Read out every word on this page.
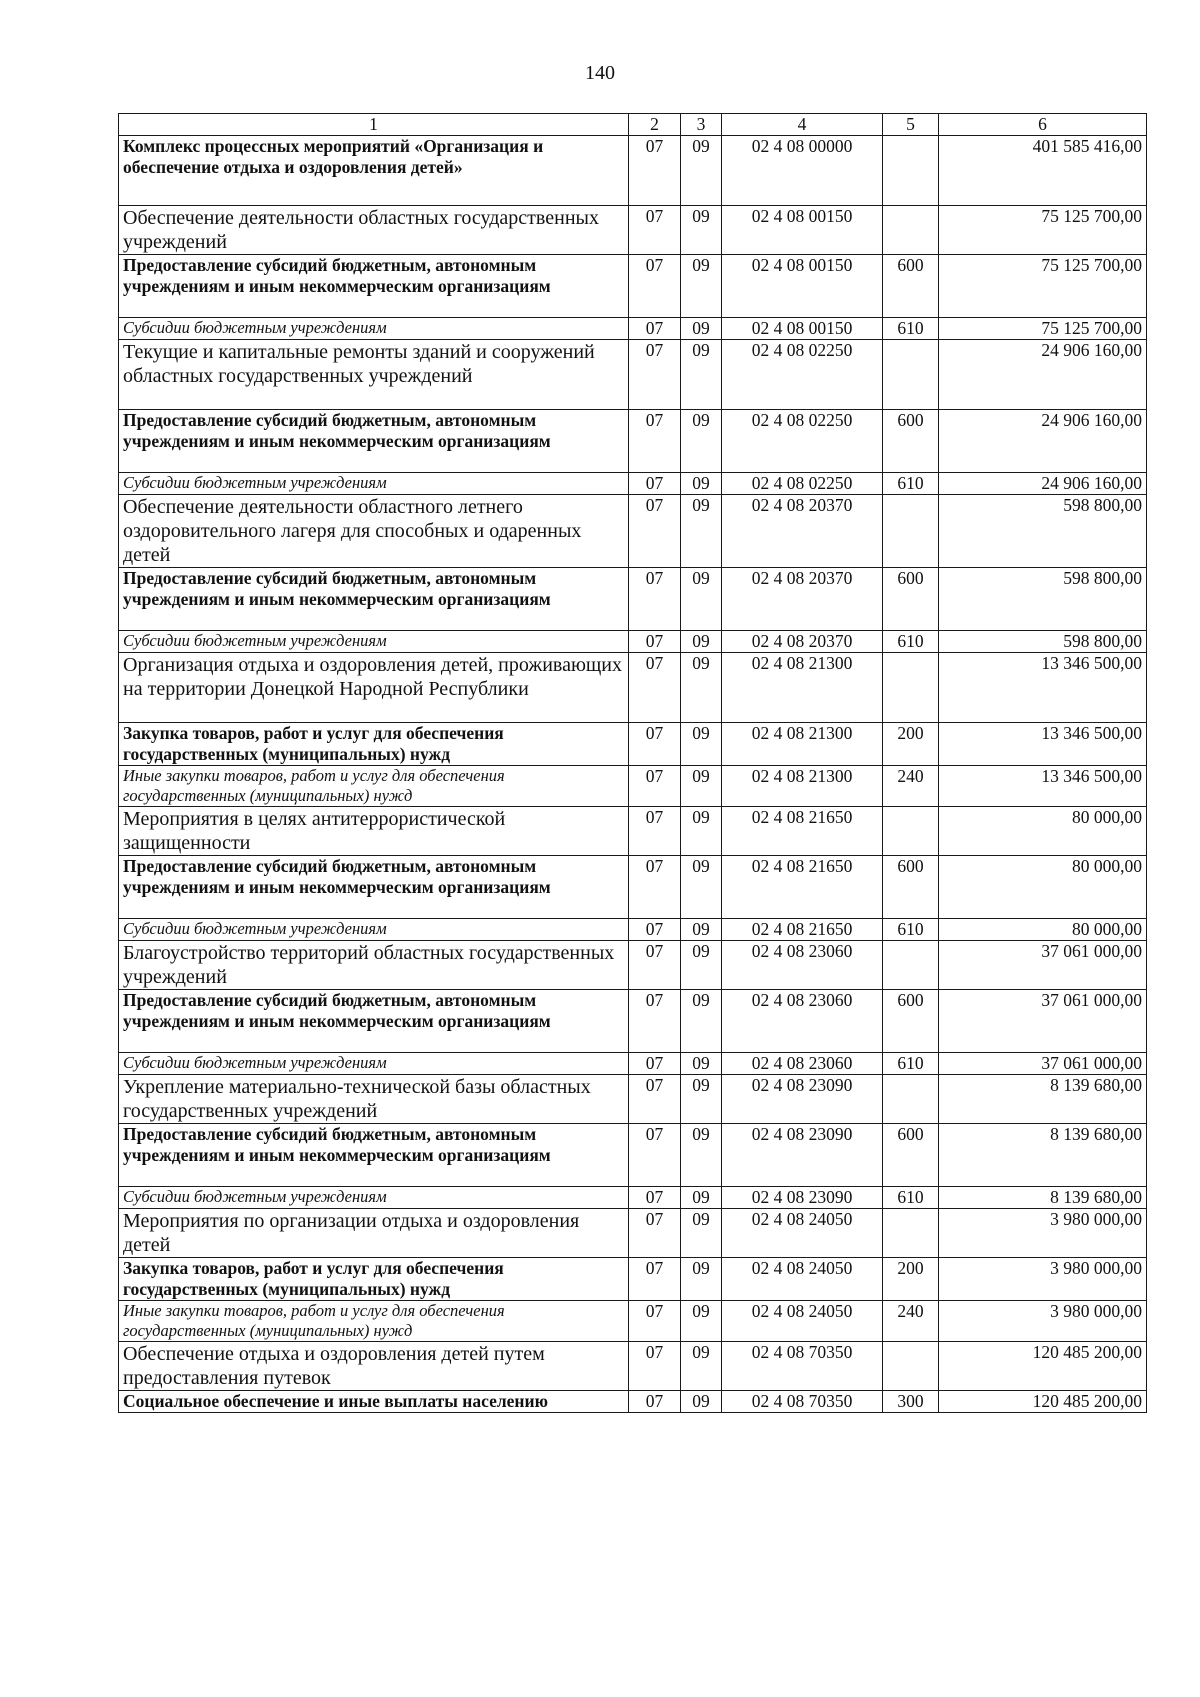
140
1	2	3	4	5	6
Комплекс процессных мероприятий «Организация и обеспечение отдыха и оздоровления детей»	07	09	02 4 08 00000		401 585 416,00
Обеспечение деятельности областных государственных учреждений	07	09	02 4 08 00150		75 125 700,00
Предоставление субсидий бюджетным, автономным учреждениям и иным некоммерческим организациям	07	09	02 4 08 00150	600	75 125 700,00
Субсидии бюджетным учреждениям	07	09	02 4 08 00150	610	75 125 700,00
Текущие и капитальные ремонты зданий и сооружений областных государственных учреждений	07	09	02 4 08 02250		24 906 160,00
Предоставление субсидий бюджетным, автономным учреждениям и иным некоммерческим организациям	07	09	02 4 08 02250	600	24 906 160,00
Субсидии бюджетным учреждениям	07	09	02 4 08 02250	610	24 906 160,00
Обеспечение деятельности областного летнего оздоровительного лагеря для способных и одаренных детей	07	09	02 4 08 20370		598 800,00
Предоставление субсидий бюджетным, автономным учреждениям и иным некоммерческим организациям	07	09	02 4 08 20370	600	598 800,00
Субсидии бюджетным учреждениям	07	09	02 4 08 20370	610	598 800,00
Организация отдыха и оздоровления детей, проживающих на территории Донецкой Народной Республики	07	09	02 4 08 21300		13 346 500,00
Закупка товаров, работ и услуг для обеспечения государственных (муниципальных) нужд	07	09	02 4 08 21300	200	13 346 500,00
Иные закупки товаров, работ и услуг для обеспечения государственных (муниципальных) нужд	07	09	02 4 08 21300	240	13 346 500,00
Мероприятия в целях антитеррористической защищенности	07	09	02 4 08 21650		80 000,00
Предоставление субсидий бюджетным, автономным учреждениям и иным некоммерческим организациям	07	09	02 4 08 21650	600	80 000,00
Субсидии бюджетным учреждениям	07	09	02 4 08 21650	610	80 000,00
Благоустройство территорий областных государственных учреждений	07	09	02 4 08 23060		37 061 000,00
Предоставление субсидий бюджетным, автономным учреждениям и иным некоммерческим организациям	07	09	02 4 08 23060	600	37 061 000,00
Субсидии бюджетным учреждениям	07	09	02 4 08 23060	610	37 061 000,00
Укрепление материально-технической базы областных государственных учреждений	07	09	02 4 08 23090		8 139 680,00
Предоставление субсидий бюджетным, автономным учреждениям и иным некоммерческим организациям	07	09	02 4 08 23090	600	8 139 680,00
Субсидии бюджетным учреждениям	07	09	02 4 08 23090	610	8 139 680,00
Мероприятия по организации отдыха и оздоровления детей	07	09	02 4 08 24050		3 980 000,00
Закупка товаров, работ и услуг для обеспечения государственных (муниципальных) нужд	07	09	02 4 08 24050	200	3 980 000,00
Иные закупки товаров, работ и услуг для обеспечения государственных (муниципальных) нужд	07	09	02 4 08 24050	240	3 980 000,00
Обеспечение отдыха и оздоровления детей путем предоставления путевок	07	09	02 4 08 70350		120 485 200,00
Социальное обеспечение и иные выплаты населению	07	09	02 4 08 70350	300	120 485 200,00
